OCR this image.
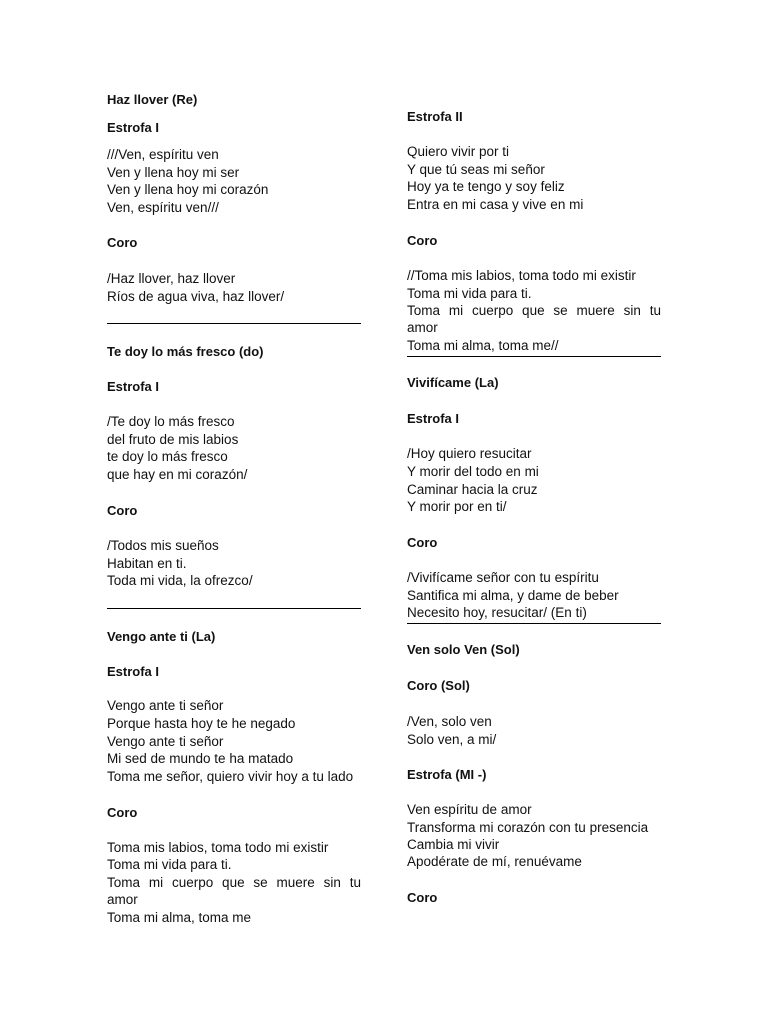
Haz llover (Re)
Estrofa I
///Ven, espíritu ven
Ven y llena hoy mi ser
Ven y llena hoy mi corazón
Ven, espíritu ven///
Coro
/Haz llover, haz llover
Ríos de agua viva, haz llover/
Te doy lo más fresco (do)
Estrofa I
/Te doy lo más fresco
del fruto de mis labios
te doy lo más fresco
que hay en mi corazón/
Coro
/Todos mis sueños
Habitan en ti.
Toda mi vida, la ofrezco/
Vengo ante ti (La)
Estrofa I
Vengo ante ti señor
Porque hasta hoy te he negado
Vengo ante ti señor
Mi sed de mundo te ha matado
Toma me señor, quiero vivir hoy a tu lado
Coro
Toma mis labios, toma todo mi existir
Toma mi vida para ti.
Toma mi cuerpo que se muere sin tu
amor
Toma mi alma, toma me
Estrofa II
Quiero vivir por ti
Y que tú seas mi señor
Hoy ya te tengo y soy feliz
Entra en mi casa y vive en mi
Coro
//Toma mis labios, toma todo mi existir
Toma mi vida para ti.
Toma mi cuerpo que se muere sin tu
amor
Toma mi alma, toma me//
Vivifícame (La)
Estrofa I
/Hoy quiero resucitar
Y morir del todo en mi
Caminar hacia la cruz
Y morir por en ti/
Coro
/Vivifícame señor con tu espíritu
Santifica mi alma, y dame de beber
Necesito hoy, resucitar/ (En ti)
Ven solo Ven (Sol)
Coro (Sol)
/Ven, solo ven
Solo ven, a mi/
Estrofa (MI -)
Ven espíritu de amor
Transforma mi corazón con tu presencia
Cambia mi vivir
Apodérate de mí, renuévame
Coro
